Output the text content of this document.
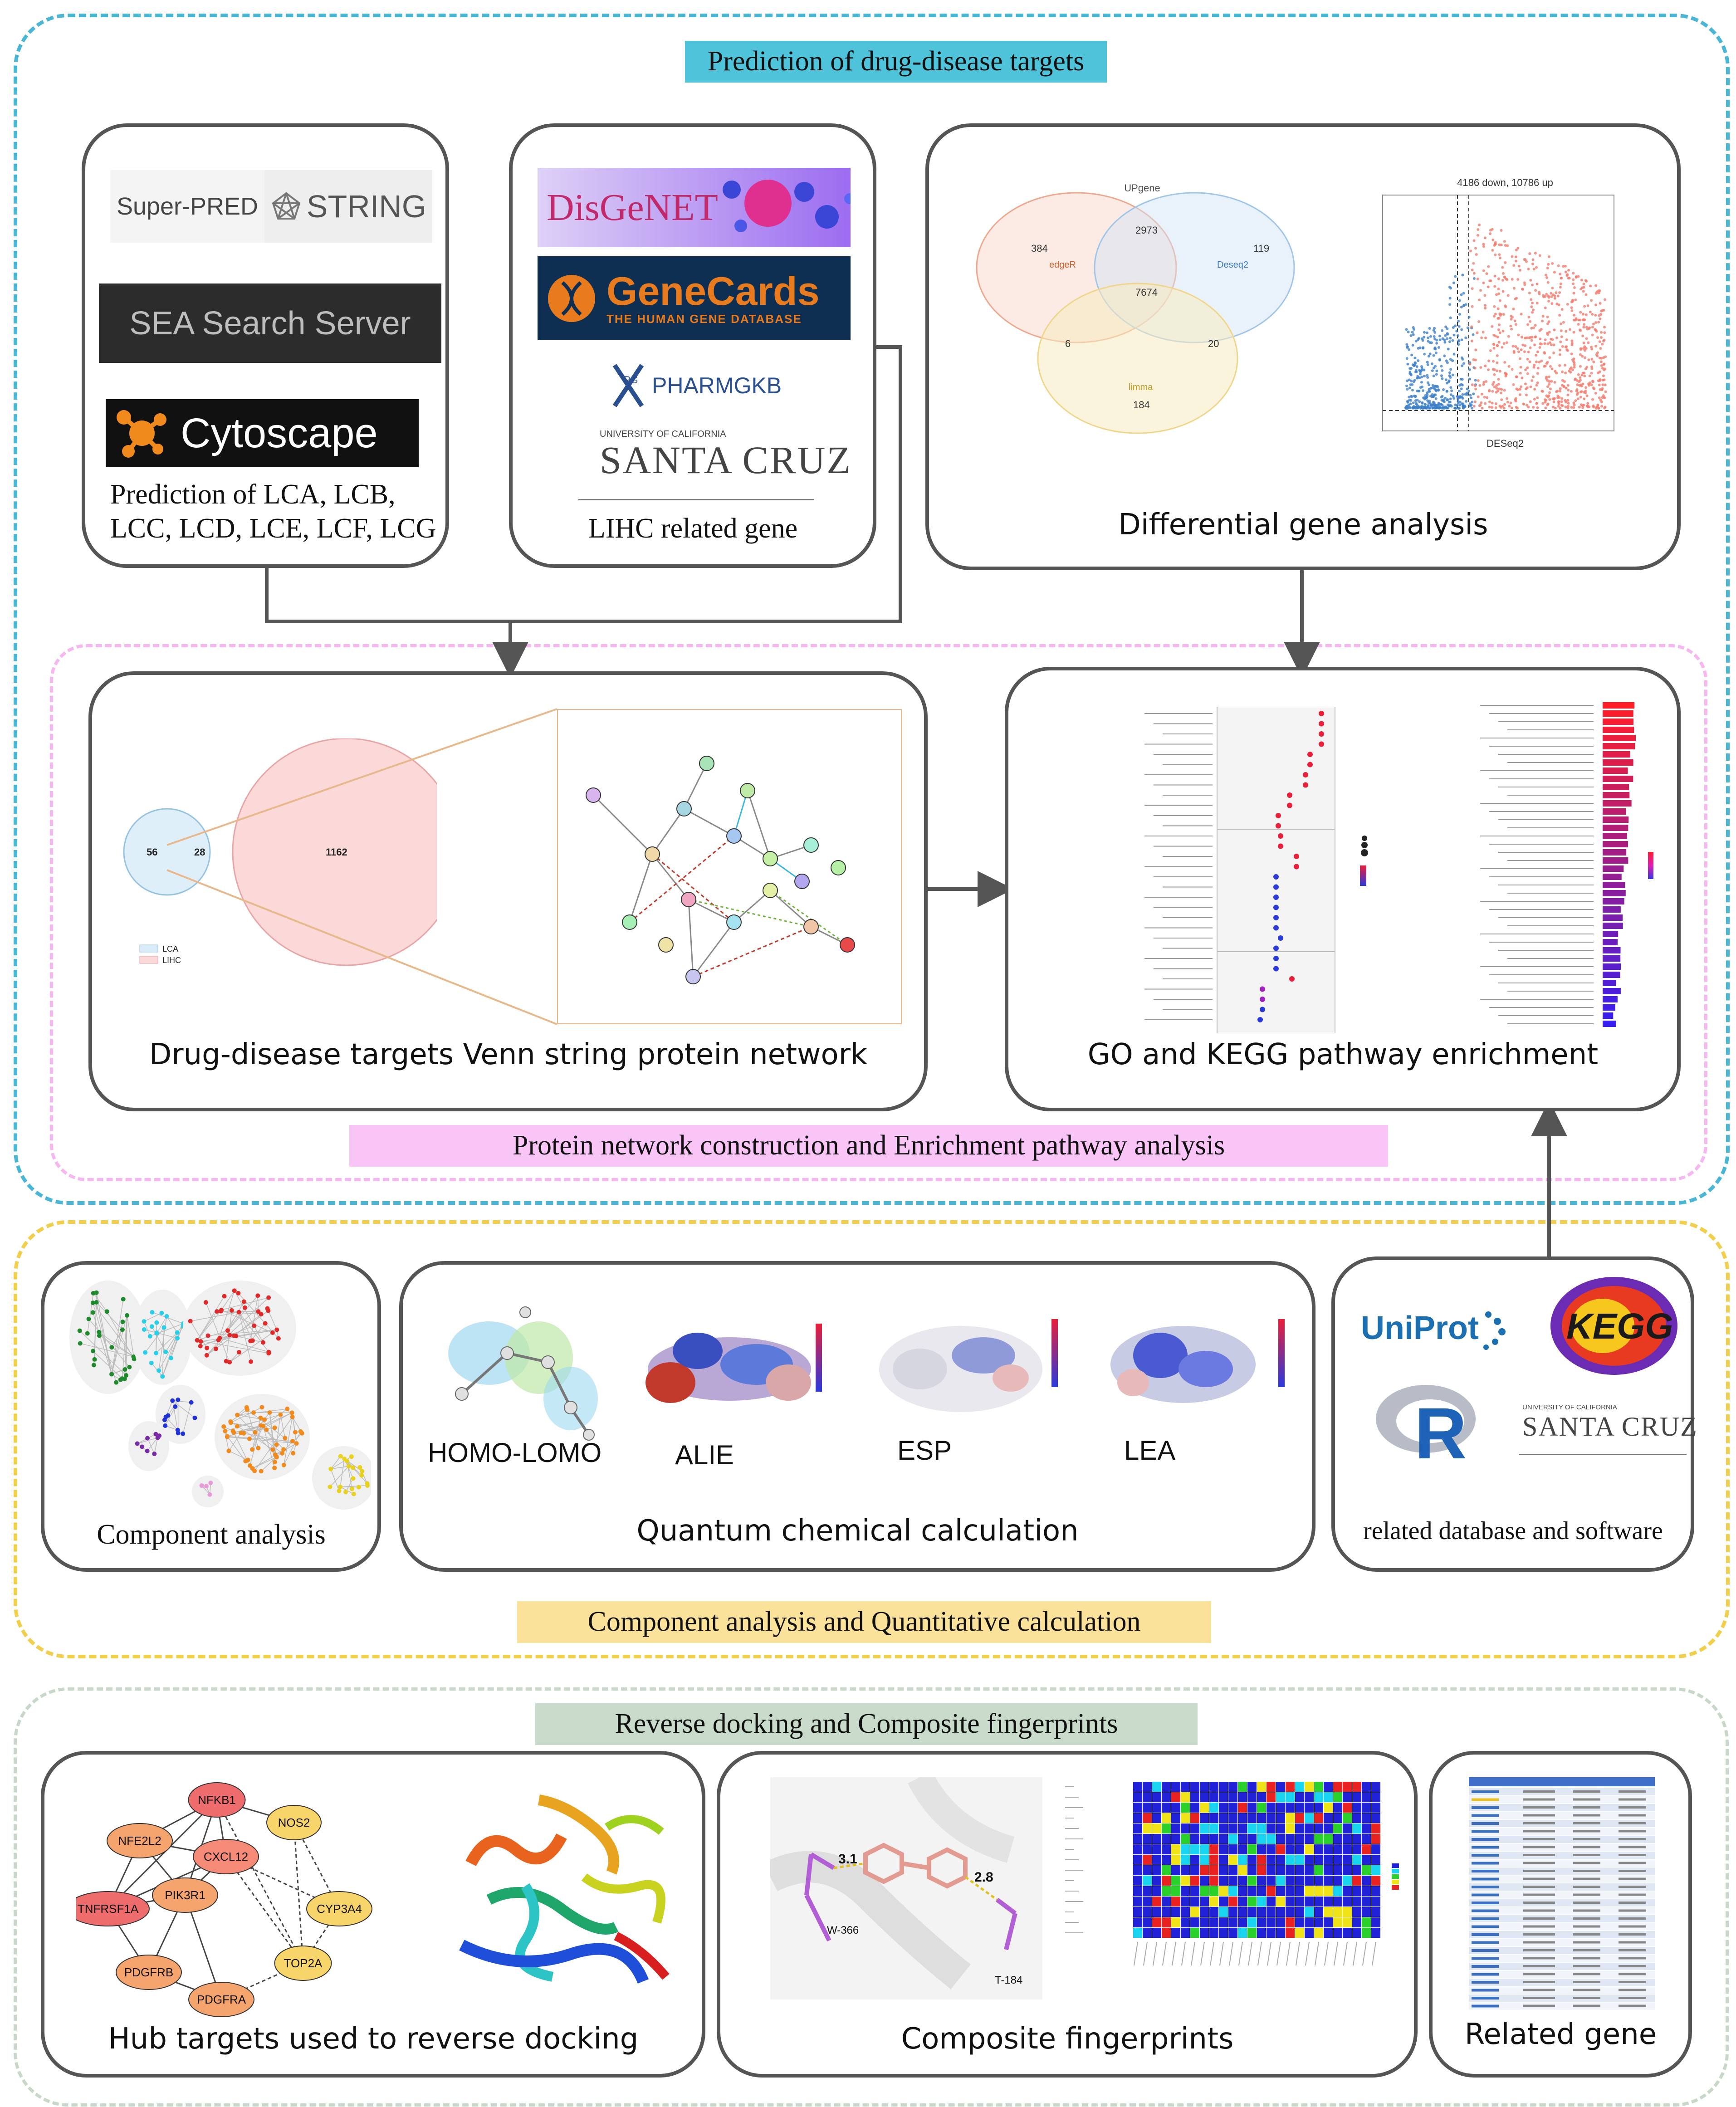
Prediction of drug-disease targets
Protein network construction and Enrichment pathway analysis
Component analysis and Quantitative calculation
Reverse docking and Composite fingerprints
Super-PRED STRING
SEA Search Server
Cytoscape
Prediction of LCA, LCB,
LCC, LCD, LCE, LCF, LCG
DisGeNET
GeneCards
THE HUMAN GENE DATABASE
PG PHARMGKB
UNIVERSITY OF CALIFORNIA
SANTA CRUZ
LIHC related gene
UPgene
384
edgeR
119
Deseq2
2973
7674
6	20
limma
184
4186 down, 10786 up
DESeq2
Differential gene analysis
56	28	1162
LCA
LIHC
Drug-disease targets Venn string protein network	GO and KEGG pathway enrichment
Component analysis
HOMO-LOMO	ALIE	ESP	LEA
Quantum chemical calculation
UniProt KEGG
R	UNIVERSITY OF CALIFORNIA
SANTA CRUZ
related database and software
NFKB1
NOS2
NFE2L2
CXCL12
CYP3A4
PIK3R1
TNFRSF1A
TOP2A
PDGFRB
PDGFRA
Hub targets used to reverse docking
3.1
2.8
W-366
T-184
Composite fingerprints	Related gene
